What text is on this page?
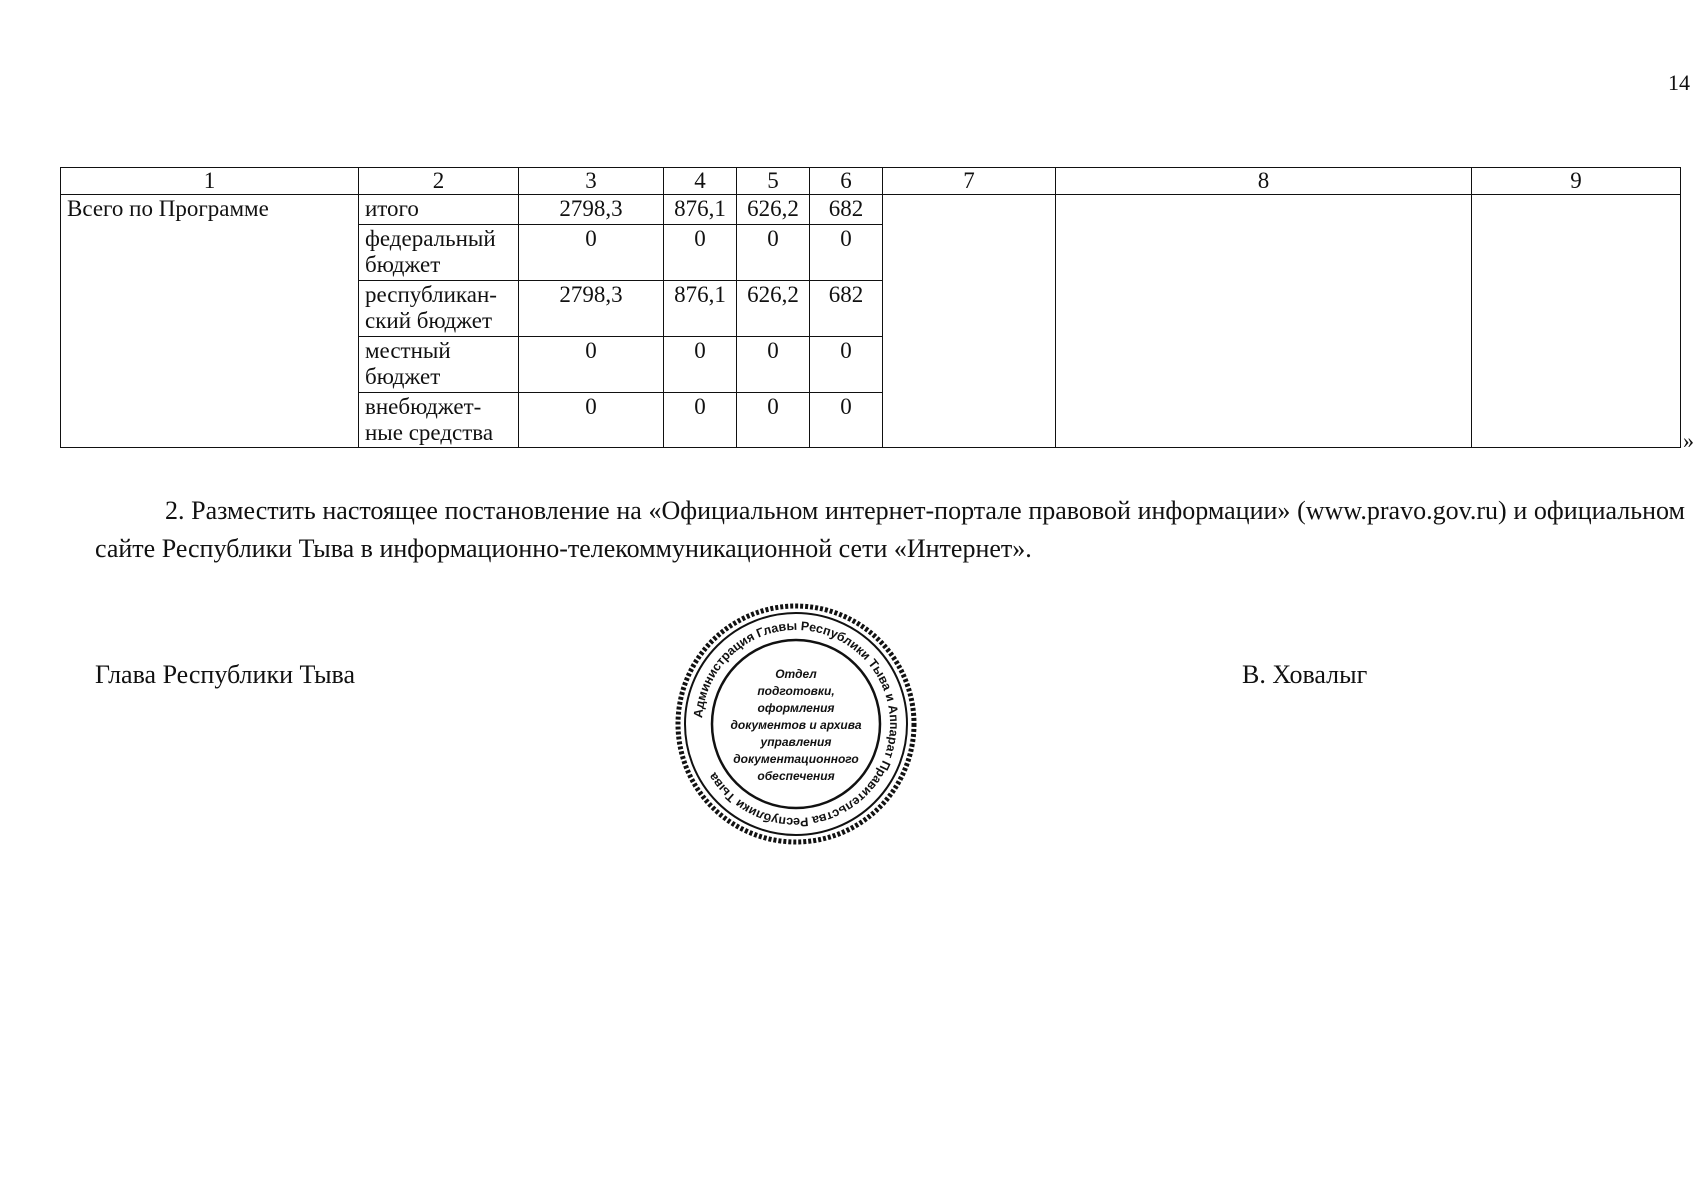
14
1	2	3	4	5	6	7	8	9
Всего по Программе	итого	2798,3	876,1	626,2	682			
	федеральный бюджет	0	0	0	0			
	республикан-ский бюджет	2798,3	876,1	626,2	682			
	местный бюджет	0	0	0	0			
	внебюджет-ные средства	0	0	0	0			
»

2. Разместить настоящее постановление на «Официальном интернет-портале правовой информации» (www.pravo.gov.ru) и официальном сайте Республики Тыва в информационно-телекоммуникационной сети «Интернет».

Глава Республики Тыва	В. Ховалыг
Администрация Главы Республики Тыва и Аппарат Правительства Республики Тыва
Отдел
подготовки,
оформления
документов и архива
управления
документационного
обеспечения
